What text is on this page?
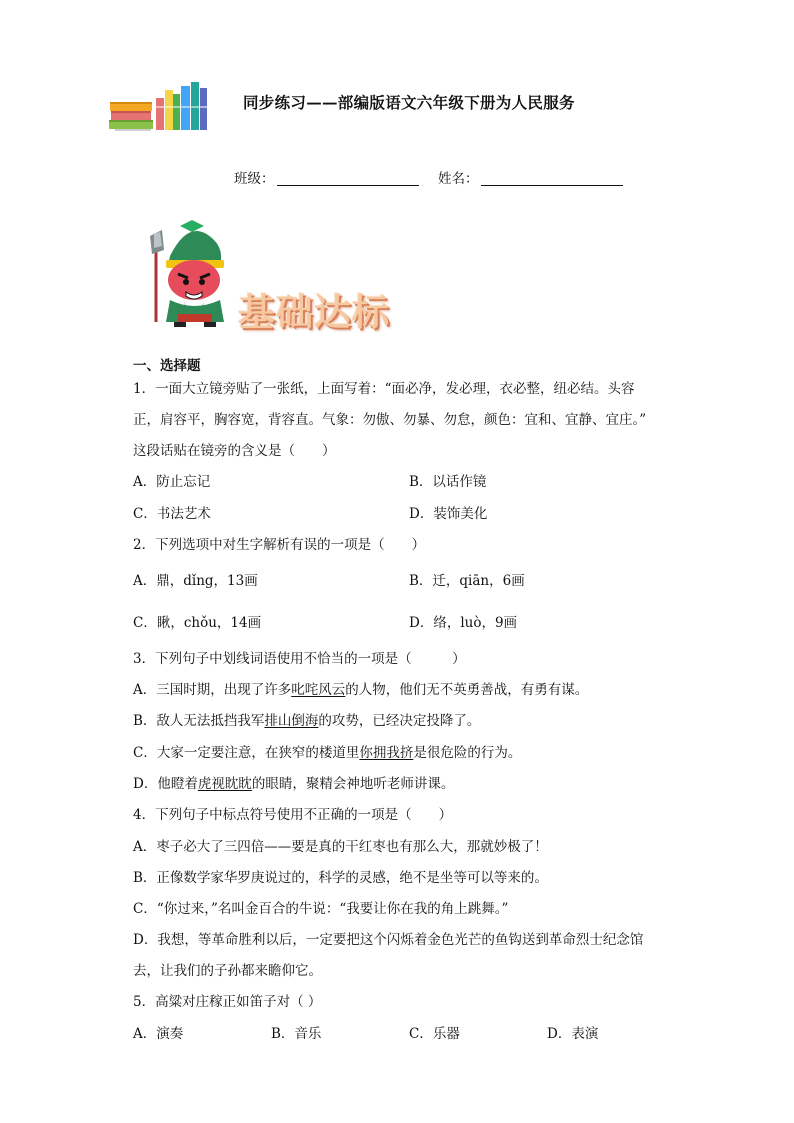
同步练习——部编版语文六年级下册为人民服务
班级：	姓名：
基础达标
一、选择题
1．一面大立镜旁贴了一张纸，上面写着：“面必净，发必理，衣必整，纽必结。头容
正，肩容平，胸容宽，背容直。气象：勿傲、勿暴、勿怠，颜色：宜和、宜静、宜庄。”
这段话贴在镜旁的含义是（　　）
A．防止忘记	B．以话作镜
C．书法艺术	D．装饰美化
2．下列选项中对生字解析有误的一项是（　　）
A．鼎，dǐng，13画	B．迁，qiān，6画
C．瞅，chǒu，14画	D．络，luò，9画
3．下列句子中划线词语使用不恰当的一项是（　　　）
A．三国时期，出现了许多叱咤风云的人物，他们无不英勇善战，有勇有谋。
B．敌人无法抵挡我军排山倒海的攻势，已经决定投降了。
C．大家一定要注意，在狭窄的楼道里你拥我挤是很危险的行为。
D．他瞪着虎视眈眈的眼睛，聚精会神地听老师讲课。
4．下列句子中标点符号使用不正确的一项是（　　）
A．枣子必大了三四倍——要是真的干红枣也有那么大，那就妙极了！
B．正像数学家华罗庚说过的，科学的灵感，绝不是坐等可以等来的。
C．“你过来，”名叫金百合的牛说：“我要让你在我的角上跳舞。”
D．我想，等革命胜利以后，一定要把这个闪烁着金色光芒的鱼钩送到革命烈士纪念馆
去，让我们的子孙都来瞻仰它。
5．高粱对庄稼正如笛子对（ ）
A．演奏	B．音乐	C．乐器	D．表演
